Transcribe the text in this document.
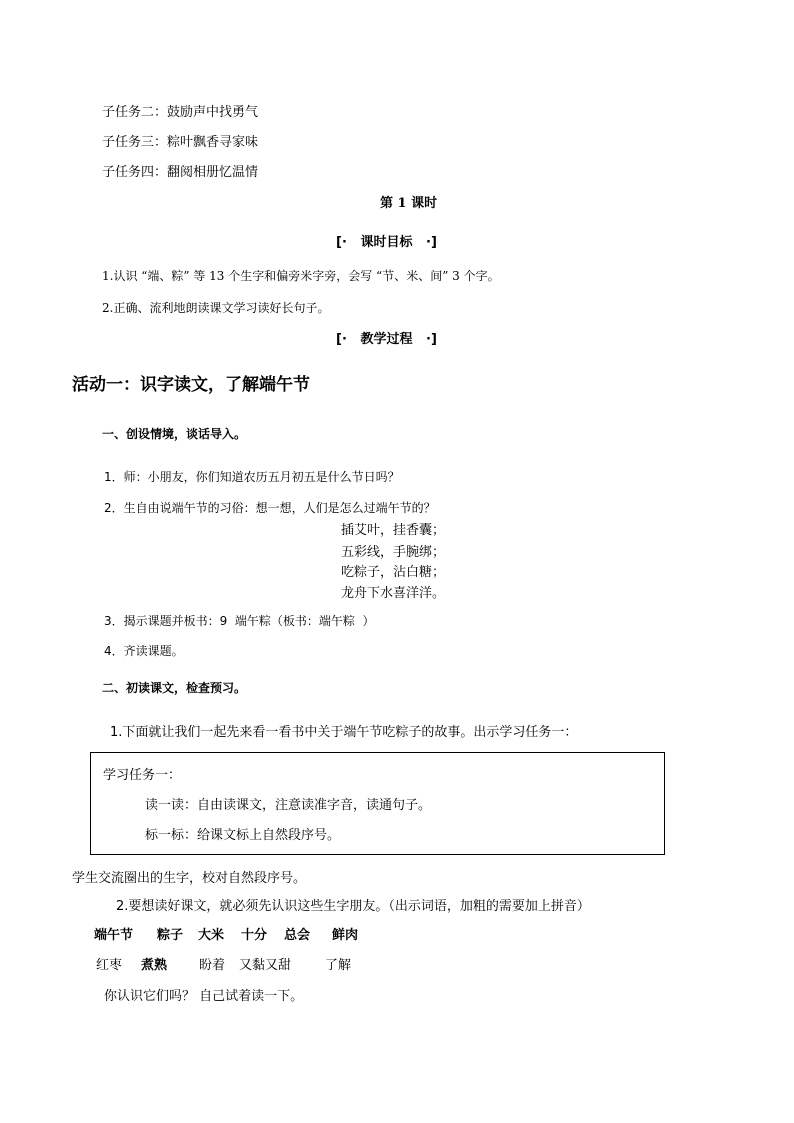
子任务二：鼓励声中找勇气
子任务三：粽叶飘香寻家味
子任务四：翻阅相册忆温情
第 1 课时
[·   课时目标   ·]
1.认识 “端、粽” 等 13 个生字和偏旁米字旁，会写 “节、米、间” 3 个字。
2.正确、流利地朗读课文学习读好长句子。
[·   教学过程   ·]
活动一：识字读文，了解端午节
一、创设情境，谈话导入。
1．师：小朋友，你们知道农历五月初五是什么节日吗？
2．生自由说端午节的习俗：想一想，人们是怎么过端午节的？
插艾叶，挂香囊；
五彩线，手腕绑；
吃粽子，沾白糖；
龙舟下水喜洋洋。
3．揭示课题并板书：9  端午粽（板书：端午粽  ）
4．齐读课题。
二、初读课文，检查预习。
1.下面就让我们一起先来看一看书中关于端午节吃粽子的故事。出示学习任务一：
学习任务一：
读一读：自由读课文，注意读准字音，读通句子。
标一标：给课文标上自然段序号。
学生交流圈出的生字，校对自然段序号。
2.要想读好课文，就必须先认识这些生字朋友。（出示词语，加粗的需要加上拼音）
端午节 粽子 大米 十分 总会 鲜肉
红枣 煮熟 盼着 又黏又甜	了解
你认识它们吗？ 自己试着读一下。
